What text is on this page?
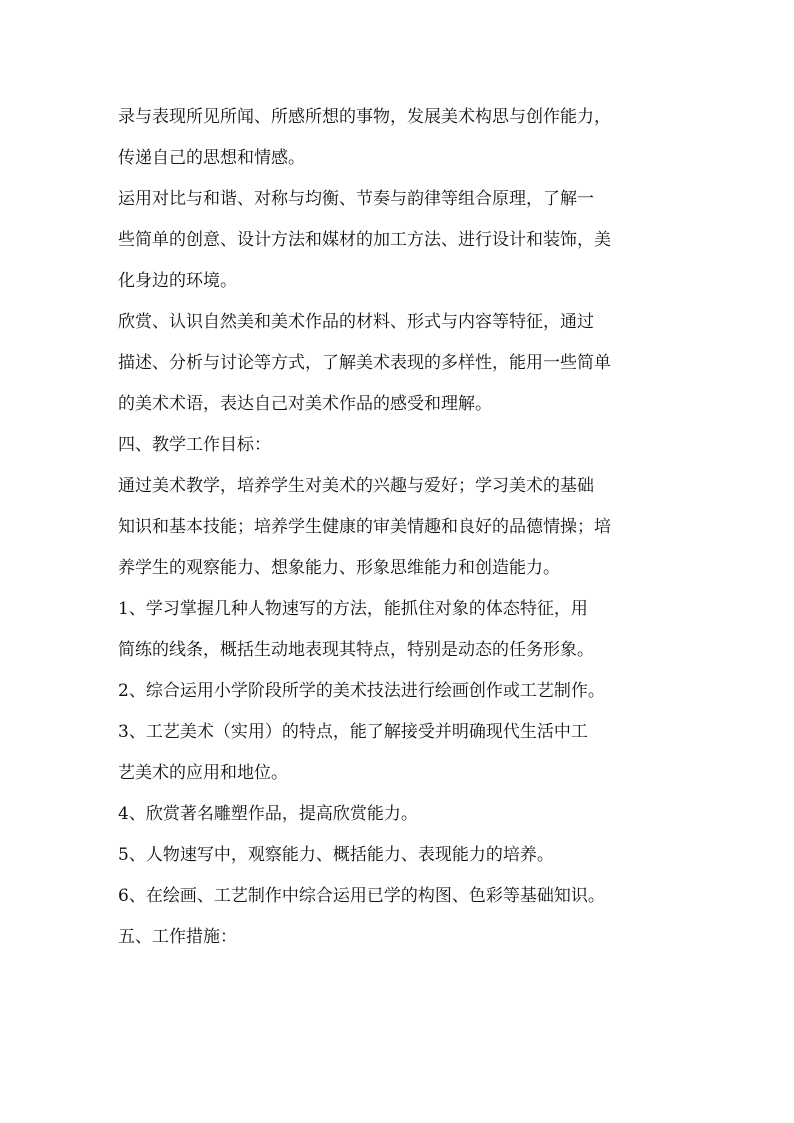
录与表现所见所闻、所感所想的事物，发展美术构思与创作能力，
传递自己的思想和情感。
运用对比与和谐、对称与均衡、节奏与韵律等组合原理，了解一
些简单的创意、设计方法和媒材的加工方法、进行设计和装饰，美
化身边的环境。
欣赏、认识自然美和美术作品的材料、形式与内容等特征，通过
描述、分析与讨论等方式，了解美术表现的多样性，能用一些简单
的美术术语，表达自己对美术作品的感受和理解。
四、教学工作目标：
通过美术教学，培养学生对美术的兴趣与爱好；学习美术的基础
知识和基本技能；培养学生健康的审美情趣和良好的品德情操；培
养学生的观察能力、想象能力、形象思维能力和创造能力。
1、学习掌握几种人物速写的方法，能抓住对象的体态特征，用
简练的线条，概括生动地表现其特点，特别是动态的任务形象。
2、综合运用小学阶段所学的美术技法进行绘画创作或工艺制作。
3、工艺美术（实用）的特点，能了解接受并明确现代生活中工
艺美术的应用和地位。
4、欣赏著名雕塑作品，提高欣赏能力。
5、人物速写中，观察能力、概括能力、表现能力的培养。
6、在绘画、工艺制作中综合运用已学的构图、色彩等基础知识。
五、工作措施：
